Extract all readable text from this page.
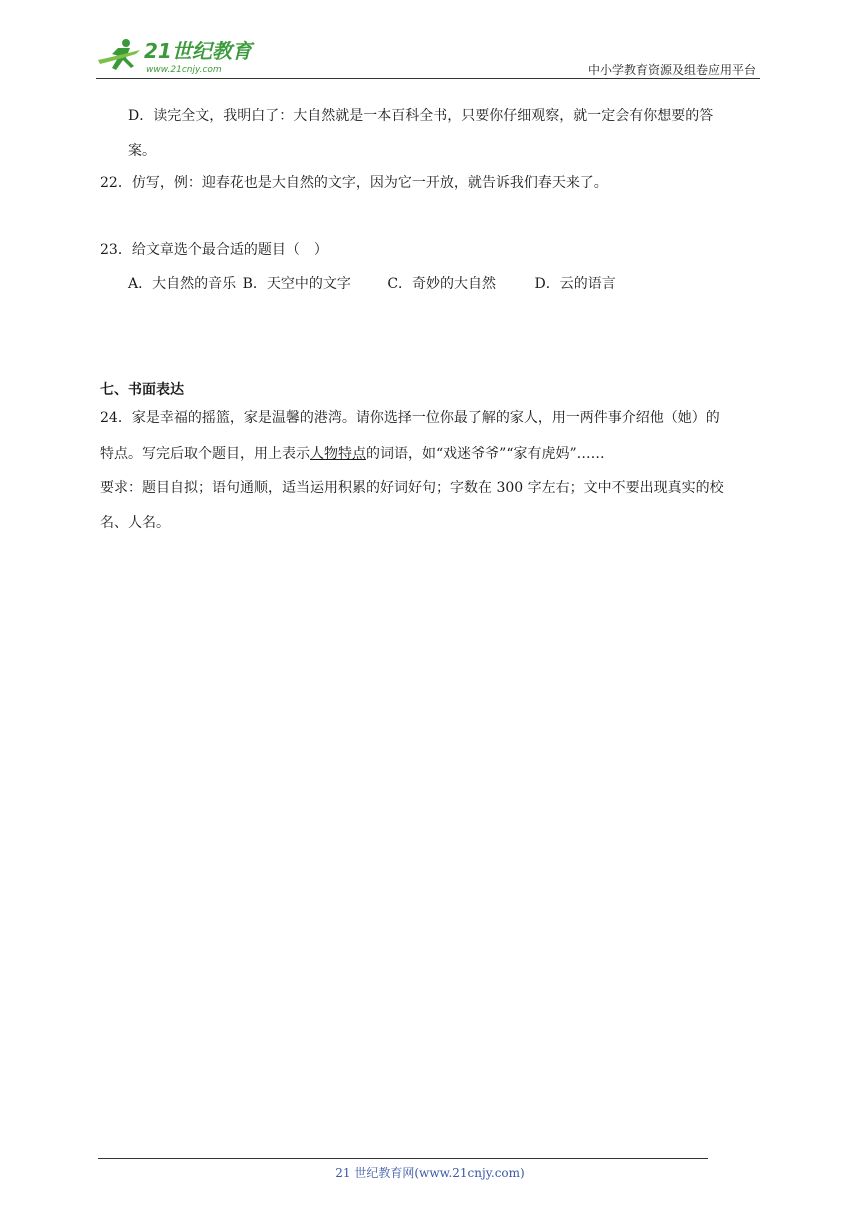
21世纪教育
www.21cnjy.com	中小学教育资源及组卷应用平台
D．读完全文，我明白了：大自然就是一本百科全书，只要你仔细观察，就一定会有你想要的答
案。
22．仿写，例：迎春花也是大自然的文字，因为它一开放，就告诉我们春天来了。
23．给文章选个最合适的题目（　）
A．大自然的音乐 B．天空中的文字	C．奇妙的大自然	D．云的语言
七、书面表达
24．家是幸福的摇篮，家是温馨的港湾。请你选择一位你最了解的家人，用一两件事介绍他（她）的
特点。写完后取个题目，用上表示人物特点的词语，如“戏迷爷爷”“家有虎妈”……
要求：题目自拟；语句通顺，适当运用积累的好词好句；字数在 300 字左右；文中不要出现真实的校
名、人名。
21 世纪教育网(www.21cnjy.com)
